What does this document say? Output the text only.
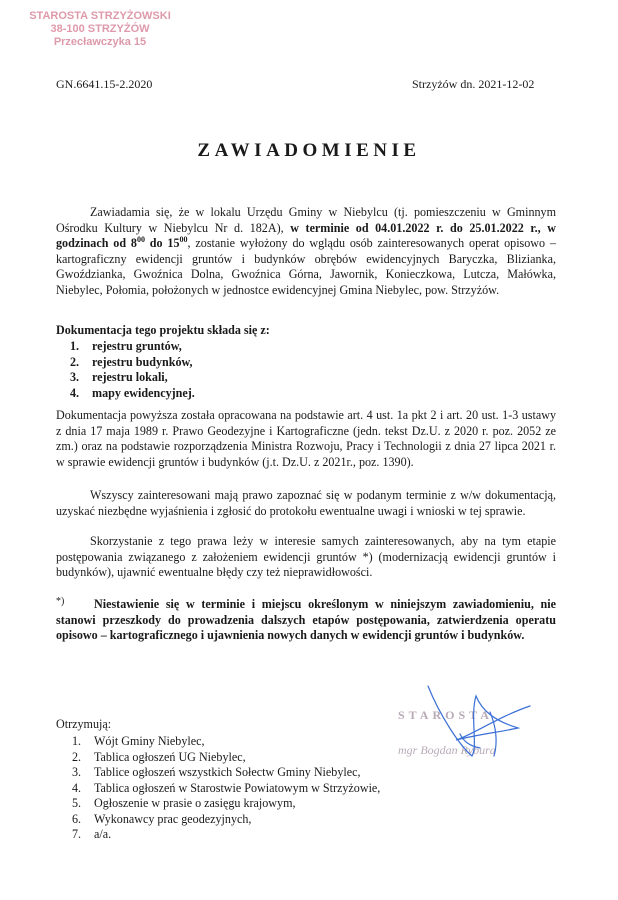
STAROSTA STRZYŻOWSKI
38-100 STRZYŻÓW
Przecławczyka 15
GN.6641.15-2.2020	Strzyżów dn. 2021-12-02
ZAWIADOMIENIE
Zawiadamia się, że w lokalu Urzędu Gminy w Niebylcu (tj. pomieszczeniu w Gminnym Ośrodku Kultury w Niebylcu Nr d. 182A), w terminie od 04.01.2022 r. do 25.01.2022 r., w godzinach od $8^{00}$ do $15^{00}$, zostanie wyłożony do wglądu osób zainteresowanych operat opisowo – kartograficzny ewidencji gruntów i budynków obrębów ewidencyjnych Baryczka, Blizianka, Gwoździanka, Gwoźnica Dolna, Gwoźnica Górna, Jawornik, Konieczkowa, Lutcza, Małówka, Niebylec, Połomia, położonych w jednostce ewidencyjnej Gmina Niebylec, pow. Strzyżów.
Dokumentacja tego projektu składa się z:
1. rejestru gruntów,
2. rejestru budynków,
3. rejestru lokali,
4. mapy ewidencyjnej.
Dokumentacja powyższa została opracowana na podstawie art. 4 ust. 1a pkt 2 i art. 20 ust. 1-3 ustawy z dnia 17 maja 1989 r. Prawo Geodezyjne i Kartograficzne (jedn. tekst Dz.U. z 2020 r. poz. 2052 ze zm.) oraz na podstawie rozporządzenia Ministra Rozwoju, Pracy i Technologii z dnia 27 lipca 2021 r. w sprawie ewidencji gruntów i budynków (j.t. Dz.U. z 2021r., poz. 1390).
Wszyscy zainteresowani mają prawo zapoznać się w podanym terminie z w/w dokumentacją, uzyskać niezbędne wyjaśnienia i zgłosić do protokołu ewentualne uwagi i wnioski w tej sprawie.
Skorzystanie z tego prawa leży w interesie samych zainteresowanych, aby na tym etapie postępowania związanego z założeniem ewidencji gruntów *) (modernizacją ewidencji gruntów i budynków), ujawnić ewentualne błędy czy też nieprawidłowości.
*)	Niestawienie się w terminie i miejscu określonym w niniejszym zawiadomieniu, nie stanowi przeszkody do prowadzenia dalszych etapów postępowania, zatwierdzenia operatu opisowo – kartograficznego i ujawnienia nowych danych w ewidencji gruntów i budynków.
Otrzymują:
1. Wójt Gminy Niebylec,
2. Tablica ogłoszeń UG Niebylec,
3. Tablice ogłoszeń wszystkich Sołectw Gminy Niebylec,
4. Tablica ogłoszeń w Starostwie Powiatowym w Strzyżowie,
5. Ogłoszenie w prasie o zasięgu krajowym,
6. Wykonawcy prac geodezyjnych,
7. a/a.
STAROSTA
mgr Bogdan Rybura
